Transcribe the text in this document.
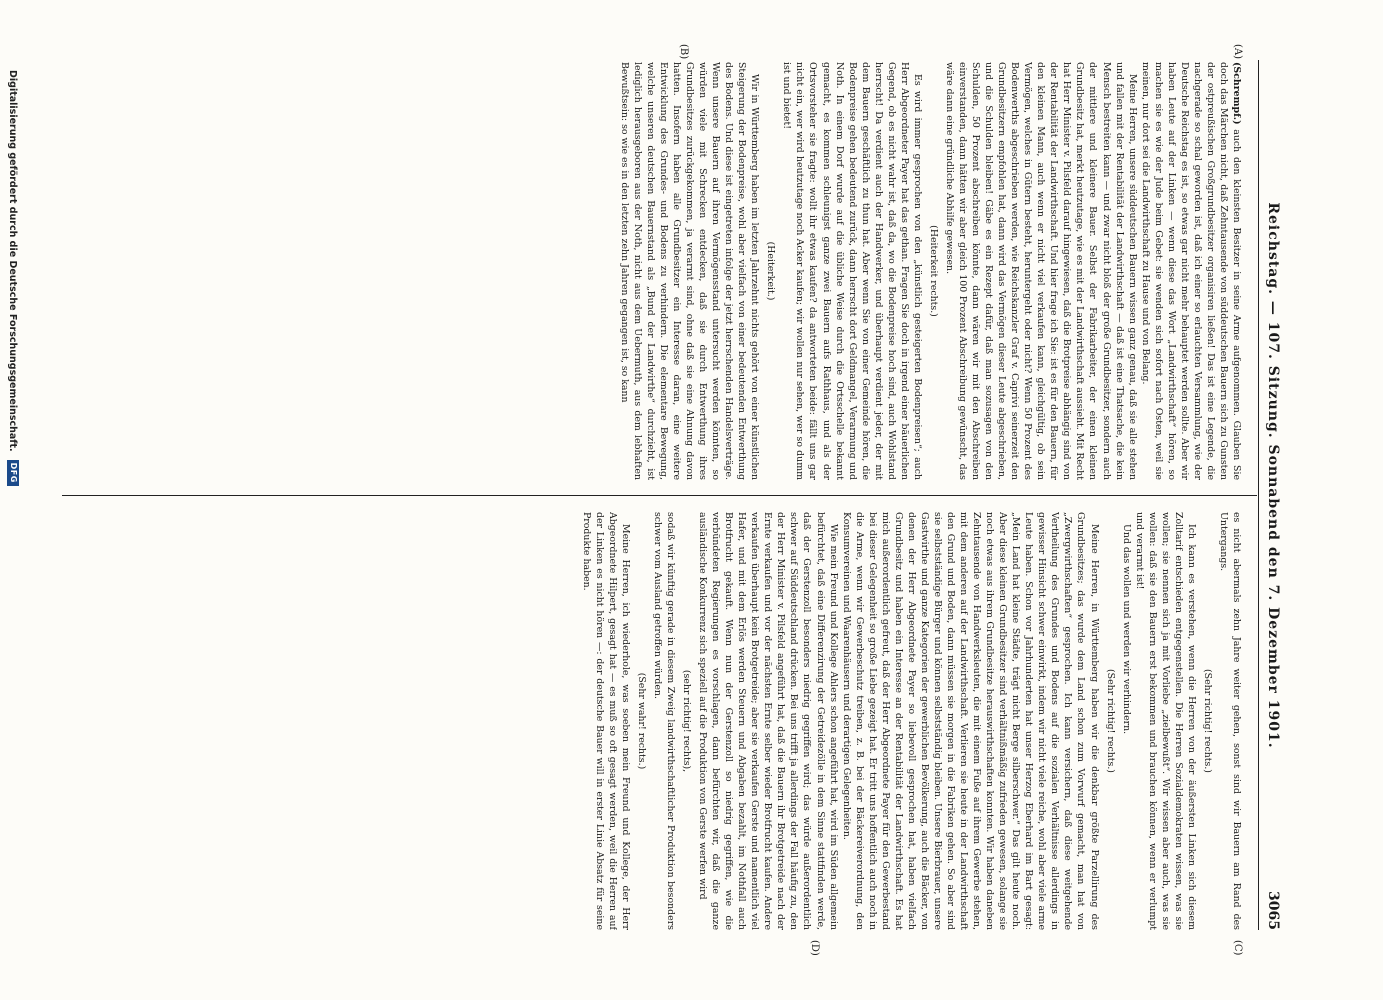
Reichstag. — 107. Sitzung. Sonnabend den 7. Dezember 1901.
3065
(A)
(B)
(C)
(D)

(Schrempf.) auch den kleinsten Besitzer in seine Arme aufgenommen. Glauben Sie doch das Märchen nicht, daß Zehntausende von süddeutschen Bauern sich zu Gunsten der ostpreußischen Großgrundbesitzer organisiren ließen! Das ist eine Legende, die nachgerade so schal geworden ist, daß ich einer so erlauchten Versammlung, wie der Deutsche Reichstag es ist, so etwas gar nicht mehr behauptet werden sollte. Aber wir haben Leute auf der Linken — wenn diese das Wort „Landwirthschaft“ hören, so machen sie es wie der Jude beim Gebet: sie wenden sich sofort nach Osten, weil sie meinen, nur dort sei die Landwirthschaft zu Hause und von Belang.

Meine Herren, unsere süddeutschen Bauern wissen ganz genau, daß sie alle stehen und fallen mit der Rentabilität der Landwirthschaft — daß ist eine Thatsache, die kein Mensch bestreiten kann — und zwar nicht bloß der große Grundbesitzer, sondern auch der mittlere und kleinere Bauer. Selbst der Fabrikarbeiter, der einen kleinen Grundbesitz hat, merkt heutzutage, wie es mit der Landwirthschaft aussieht. Mit Recht hat Herr Minister v. Pilsfeld darauf hingewiesen, daß die Brotpreise abhängig sind von der Rentabilität der Landwirthschaft. Und hier frage ich Sie: ist es für den Bauern, für den kleinen Mann, auch wenn er nicht viel verkaufen kann, gleichgültig, ob sein Vermögen, welches in Gütern besteht, heruntergeht oder nicht? Wenn 50 Prozent des Bodenwerths abgeschrieben werden, wie Reichskanzler Graf v. Caprivi seinerzeit den Grundbesitzern empfohlen hat, dann wird das Vermögen dieser Leute abgeschrieben, und die Schulden bleiben! Gäbe es ein Rezept dafür, daß man sozusagen von den Schulden, 50 Prozent abschreiben könnte, dann wären wir mit den Abschreiben einverstanden, dann hätten wir aber gleich 100 Prozent Abschreibung gewünscht, das wäre dann eine gründliche Abhilfe gewesen.

(Heiterkeit rechts.)

Es wird immer gesprochen von den „künstlich gesteigerten Bodenpreisen“; auch Herr Abgeordneter Payer hat das gethan. Fragen Sie doch in irgend einer bäuerlichen Gegend, ob es nicht wahr ist, daß da, wo die Bodenpreise hoch sind, auch Wohlstand herrscht! Da verdient auch der Handwerker, und überhaupt verdient jeder, der mit dem Bauern geschäftlich zu thun hat. Aber wenn Sie von einer Gemeinde hören, die Bodenpreise gehen bedeutend zurück, dann herrscht dort Geldmangel, Verarmung und Noth. In einem Dorf wurde auf die übliche Weise durch die Ortsschelle bekannt gemacht, es kommen schleunigst ganze zwei Bauern aufs Rathhaus, und als der Ortsvorsteher sie fragte: wollt ihr etwas kaufen? da antworteten beide: fällt uns gar nicht ein, wer wird heutzutage noch Acker kaufen; wir wollen nur sehen, wer so dumm ist und bietet!

(Heiterkeit.)

Wir in Württemberg haben im letzten Jahrzehnt nichts gehört von einer künstlichen Steigerung der Bodenpreise, wohl aber vielfach von einer bedeutenden Entwerthung des Bodens. Und diese ist eingetreten infolge der jetzt herrschenden Handelsverträge. Wenn unsere Bauern auf ihren Vermögensstand untersucht werden könnten, so würden viele mit Schrecken entdecken, daß sie durch Entwerthung ihres Grundbesitzes zurückgekommen, ja verarmt sind, ohne daß sie eine Ahnung davon hatten. Insofern haben alle Grundbesitzer ein Interesse daran, eine weitere Entwicklung des Grundes- und Bodens zu verhindern. Die elementare Bewegung, welche unseren deutschen Bauernstand als „Bund der Landwirthe“ durchzieht, ist lediglich herausgeboren aus der Noth, nicht aus dem Uebermuth, aus dem lebhaften Bewußtsein: so wie es in den letzten zehn Jahren gegangen ist, so kann

es nicht abermals zehn Jahre weiter gehen, sonst sind wir Bauern am Rand des Untergangs.

(Sehr richtig! rechts.)

Ich kann es verstehen, wenn die Herren von der äußersten Linken sich diesem Zolltarif entschieden entgegenstellen. Die Herren Sozialdemokraten wissen, was sie wollen; sie nennen sich ja mit Vorliebe „zielbewußt“. Wir wissen aber auch, was sie wollen: daß sie den Bauern erst bekommen und brauchen können, wenn er verlumpt und verarmt ist!

Und das wollen und werden wir verhindern.

(Sehr richtig! rechts.)

Meine Herren, in Württemberg haben wir die denkbar größte Parzellirung des Grundbesitzes; das wurde dem Land schon zum Vorwurf gemacht, man hat von „Zwergwirthschaften“ gesprochen. Ich kann versichern, daß diese weitgehende Vertheilung des Grundes und Bodens auf die sozialen Verhältnisse allerdings in gewisser Hinsicht schwer einwirkt, indem wir nicht viele reiche, wohl aber viele arme Leute haben. Schon vor Jahrhunderten hat unser Herzog Eberhard im Bart gesagt: „Mein Land hat kleine Städte, trägt nicht Berge silberschwer.“ Das gilt heute noch. Aber diese kleinen Grundbesitzer sind verhältnißmäßig zufrieden gewesen, solange sie noch etwas aus ihrem Grundbesitze herauswirthschaften konnten. Wir haben daneben Zehntausende von Handwerksleuten, die mit einem Fuße auf ihrem Gewerbe stehen, mit dem anderen auf der Landwirthschaft. Verlieren sie heute in der Landwirthschaft den Grund und Boden, dann müssen sie morgen in die Fabriken gehen. So aber sind sie selbstständige Bürger und können selbstständig bleiben. Unsere Bierbrauer, unsere Gastwirthe und ganze Kategorien der gewerblichen Bevölkerung, auch die Bäcker, von denen der Herr Abgeordnete Payer so liebevoll gesprochen hat, haben vielfach Grundbesitz und haben ein Interesse an der Rentabilität der Landwirthschaft. Es hat mich außerordentlich gefreut, daß der Herr Abgeordnete Payer für den Gewerbestand bei dieser Gelegenheit so große Liebe gezeigt hat. Er tritt uns hoffentlich auch noch in die Arme, wenn wir Gewerbeschutz treiben, z. B. bei der Bäckereiverordnung, den Konsumvereinen und Waarenhäusern und derartigen Gelegenheiten.

Wie mein Freund und Kollege Ahlers schon angeführt hat, wird im Süden allgemein befürchtet, daß eine Differenzirung der Getreidezölle in dem Sinne stattfinden werde, daß der Gerstenzoll besonders niedrig gegriffen wird; das würde außerordentlich schwer auf Süddeutschland drücken. Bei uns trifft ja allerdings der Fall häufig zu, den der Herr Minister v. Pilsfeld angeführt hat, daß die Bauern ihr Brotgetreide nach der Ernte verkaufen und vor der nächsten Ernte selber wieder Brotfrucht kaufen. Andere verkaufen überhaupt kein Brotgetreide; aber sie verkaufen Gerste und namentlich viel Hafer, und mit dem Erlös werden Steuern und Abgaben bezahlt, im Nothfall auch Brotfrucht gekauft. Wenn nun der Gerstenzoll so niedrig gegriffen, wie die verbündeten Regierungen es vorschlagen, dann befürchten wir, daß die ganze ausländische Konkurrenz sich speziell auf die Produktion von Gerste werfen wird

(sehr richtig! rechts),

sodaß wir künftig gerade in diesem Zweig landwirthschaftlicher Produktion besonders schwer vom Ausland getroffen würden.

(Sehr wahr! rechts.)

Meine Herren, ich wiederhole, was soeben mein Freund und Kollege, der Herr Abgeordnete Hilpert, gesagt hat — es muß so oft gesagt werden, weil die Herren auf der Linken es nicht hören —: der deutsche Bauer will in erster Linie Absatz für seine Produkte haben.

Digitalisierung gefördert durch die Deutsche Forschungsgemeinschaft.
DFG
